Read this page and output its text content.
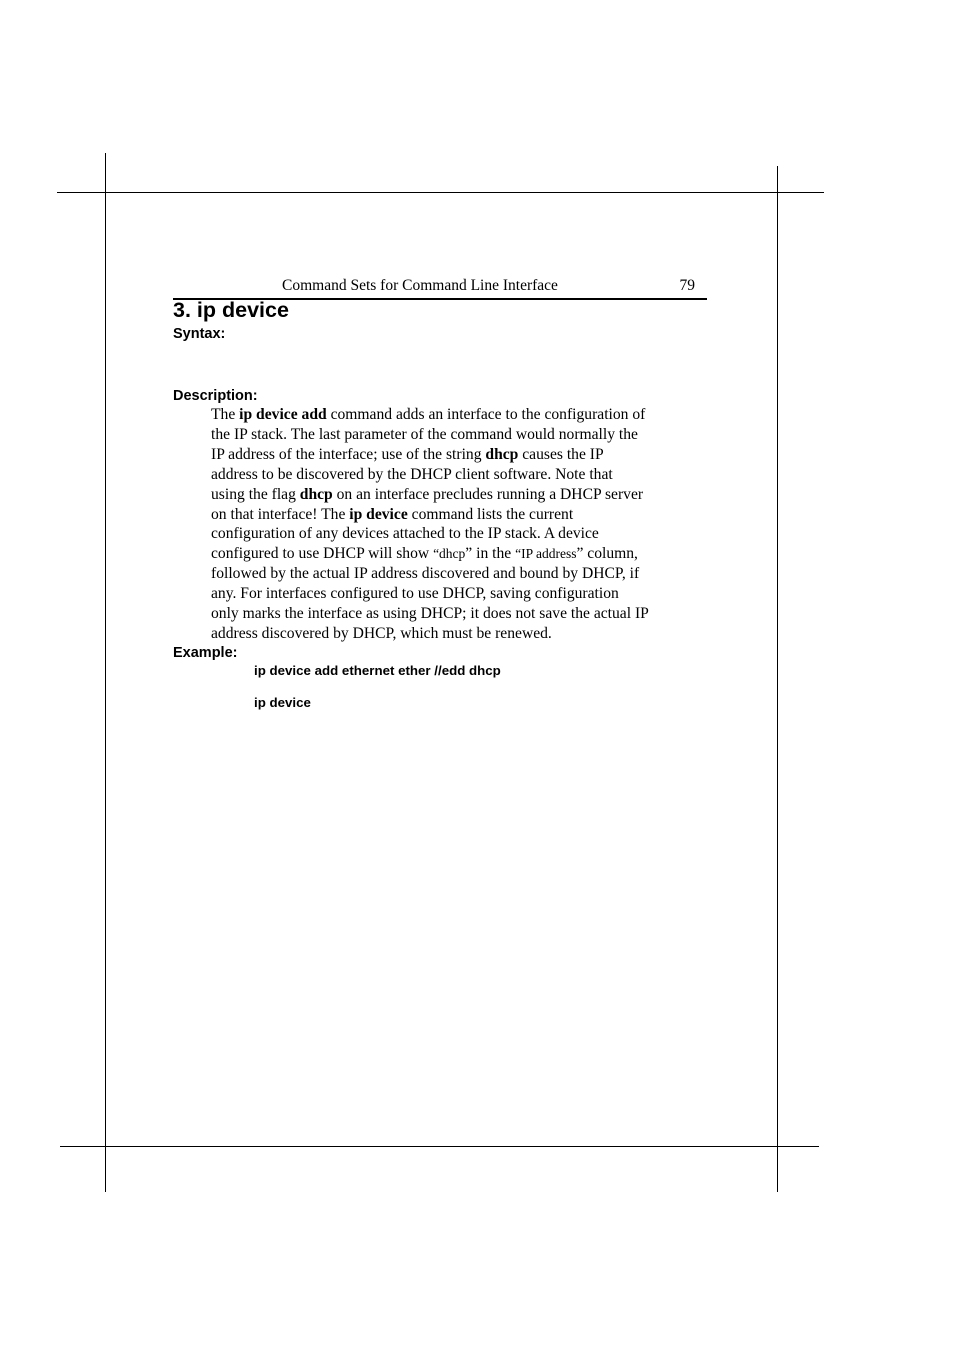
Command Sets for Command Line Interface	79
3. ip device
Syntax:
Description:
The ip device add command adds an interface to the configuration of
the IP stack. The last parameter of the command would normally the
IP address of the interface; use of the string dhcp causes the IP
address to be discovered by the DHCP client software. Note that
using the flag dhcp on an interface precludes running a DHCP server
on that interface! The ip device command lists the current
configuration of any devices attached to the IP stack. A device
configured to use DHCP will show “dhcp” in the “IP address” column,
followed by the actual IP address discovered and bound by DHCP, if
any. For interfaces configured to use DHCP, saving configuration
only marks the interface as using DHCP; it does not save the actual IP
address discovered by DHCP, which must be renewed.
Example:
ip device add ethernet ether //edd dhcp
ip device
